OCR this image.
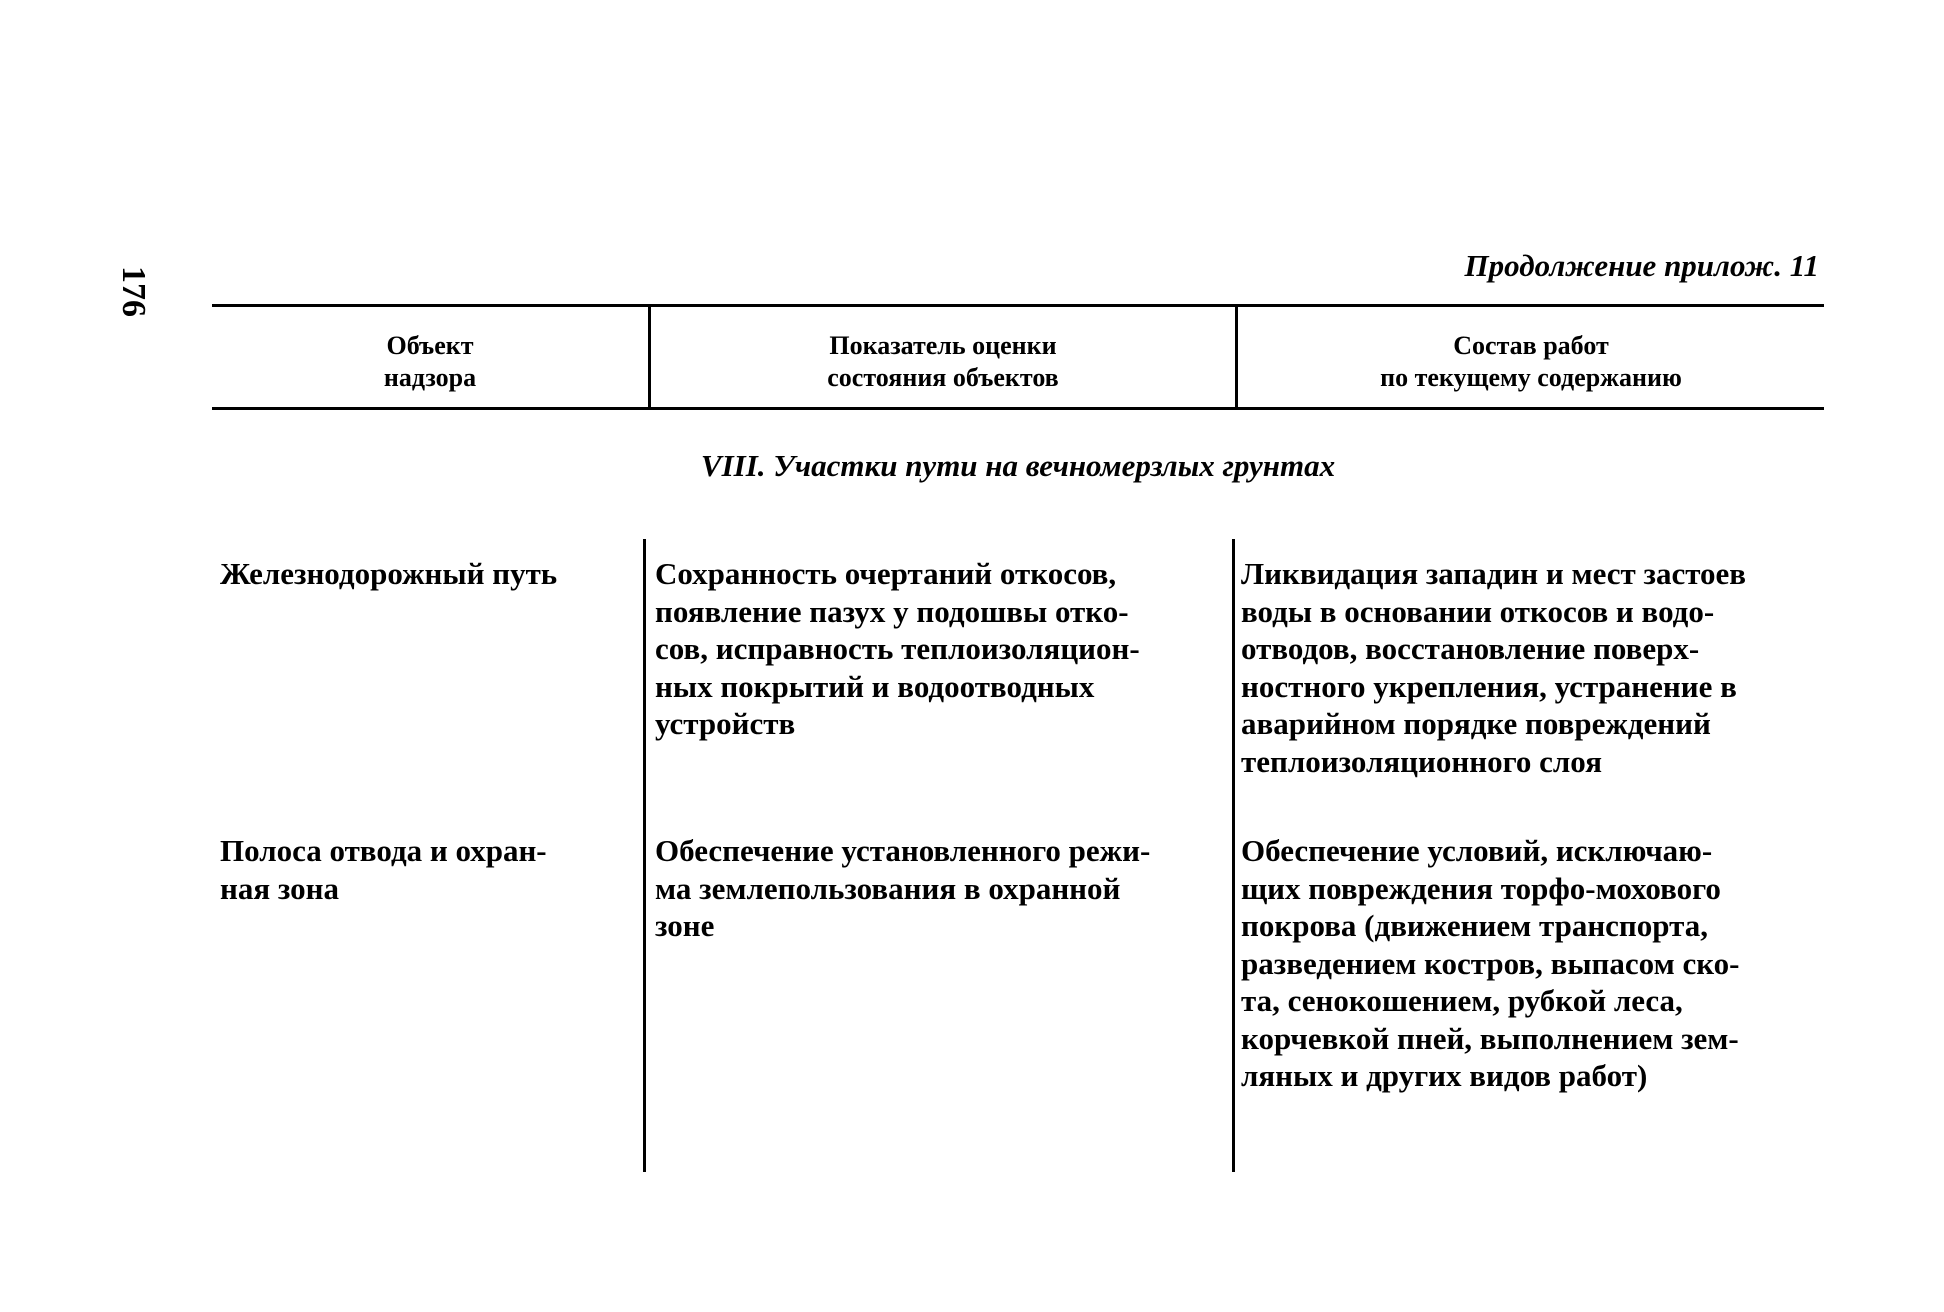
176
Продолжение прилож. 11
Объект
надзора
Показатель оценки
состояния объектов
Состав работ
по текущему содержанию
VIII. Участки пути на вечномерзлых грунтах
Железнодорожный путь	Сохранность очертаний откосов,
появление пазух у подошвы отко-
сов, исправность теплоизоляцион-
ных покрытий и водоотводных
устройств
Ликвидация западин и мест застоев
воды в основании откосов и водо-
отводов, восстановление поверх-
ностного укрепления, устранение в
аварийном порядке повреждений
теплоизоляционного слоя
Полоса отвода и охран-
ная зона
Обеспечение установленного режи-
ма землепользования в охранной
зоне
Обеспечение условий, исключаю-
щих повреждения торфо-мохового
покрова (движением транспорта,
разведением костров, выпасом ско-
та, сенокошением, рубкой леса,
корчевкой пней, выполнением зем-
ляных и других видов работ)
